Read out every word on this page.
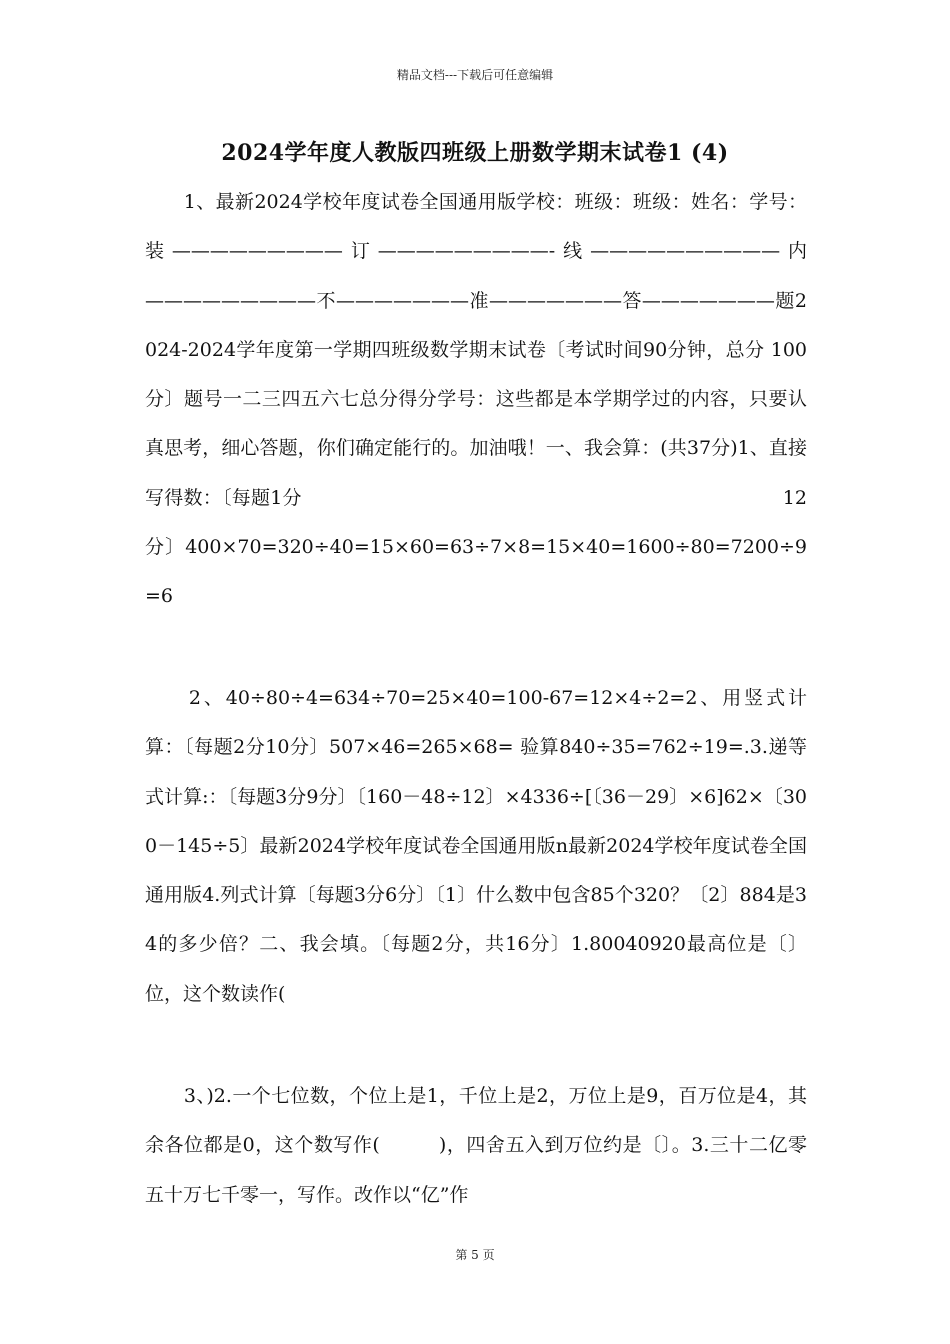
精品文档---下载后可任意编辑
2024学年度人教版四班级上册数学期末试卷1 (4)
　　1、最新2024学校年度试卷全国通用版学校：班级：班级：姓名：学号：装—————————订—————————-线——————————内—————————不———————准———————答———————题2024-2024学年度第一学期四班级数学期末试卷〔考试时间90分钟，总分 100分〕题号一二三四五六七总分得分学号：这些都是本学期学过的内容，只要认真思考，细心答题，你们确定能行的。加油哦！一、我会算：(共37分)1、直接写得数：〔每题1分　　　　　　　　　　　　　　　　　　　　　　　　　12分〕400×70=320÷40=15×60=63÷7×8=15×40=1600÷80=7200÷9=6
　　2、40÷80÷4=634÷70=25×40=100-67=12×4÷2=2、用竖式计算：〔每题2分10分〕507×46=265×68= 验算840÷35=762÷19=.3.递等式计算:：〔每题3分9分〕〔160－48÷12〕×4336÷[〔36－29〕×6]62×〔300－145÷5〕最新2024学校年度试卷全国通用版n最新2024学校年度试卷全国通用版4.列式计算〔每题3分6分〕〔1〕什么数中包含85个320？〔2〕884是34的多少倍？二、我会填。〔每题2分，共16分〕1.80040920最高位是〔〕位，这个数读作(
　　3、)2.一个七位数，个位上是1，千位上是2，万位上是9，百万位是4，其余各位都是0，这个数写作(　　　)，四舍五入到万位约是〔〕。3.三十二亿零五十万七千零一，写作。改作以“亿”作
第 5 页
